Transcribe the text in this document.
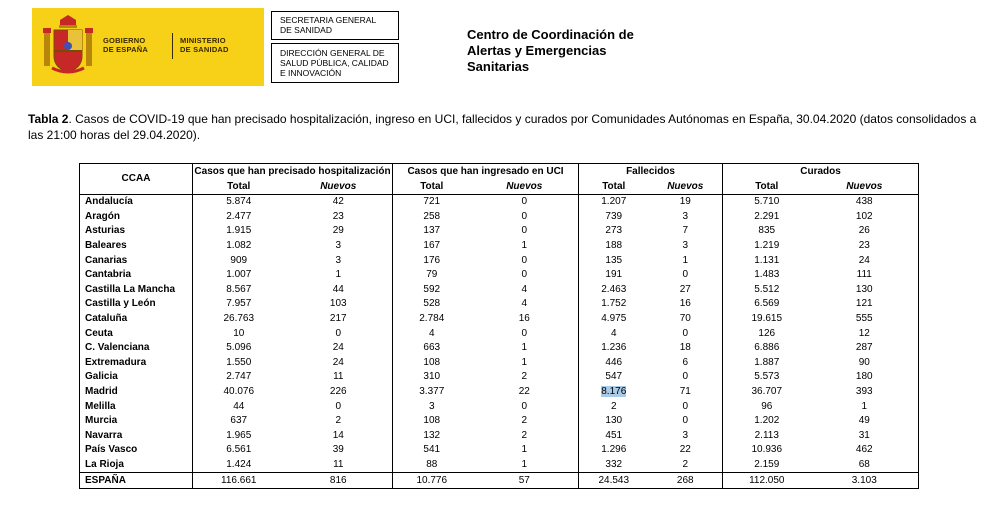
GOBIERNO
DE ESPAÑA
MINISTERIO
DE SANIDAD
SECRETARIA GENERAL
DE SANIDAD
DIRECCIÓN GENERAL DE
SALUD PÚBLICA, CALIDAD
E INNOVACIÓN
Centro de Coordinación de
Alertas y Emergencias
Sanitarias
Tabla 2. Casos de COVID-19 que han precisado hospitalización, ingreso en UCI, fallecidos y curados por Comunidades Autónomas en España, 30.04.2020 (datos consolidados a las 21:00 horas del 29.04.2020).
CCAA	Casos que han precisado hospitalización		Casos que han ingresado en UCI		Fallecidos		Curados	
	Total	Nuevos	Total	Nuevos	Total	Nuevos	Total	Nuevos
Andalucía	5.874	42	721	0	1.207	19	5.710	438
Aragón	2.477	23	258	0	739	3	2.291	102
Asturias	1.915	29	137	0	273	7	835	26
Baleares	1.082	3	167	1	188	3	1.219	23
Canarias	909	3	176	0	135	1	1.131	24
Cantabria	1.007	1	79	0	191	0	1.483	111
Castilla La Mancha	8.567	44	592	4	2.463	27	5.512	130
Castilla y León	7.957	103	528	4	1.752	16	6.569	121
Cataluña	26.763	217	2.784	16	4.975	70	19.615	555
Ceuta	10	0	4	0	4	0	126	12
C. Valenciana	5.096	24	663	1	1.236	18	6.886	287
Extremadura	1.550	24	108	1	446	6	1.887	90
Galicia	2.747	11	310	2	547	0	5.573	180
Madrid	40.076	226	3.377	22	8.176	71	36.707	393
Melilla	44	0	3	0	2	0	96	1
Murcia	637	2	108	2	130	0	1.202	49
Navarra	1.965	14	132	2	451	3	2.113	31
País Vasco	6.561	39	541	1	1.296	22	10.936	462
La Rioja	1.424	11	88	1	332	2	2.159	68
ESPAÑA	116.661	816	10.776	57	24.543	268	112.050	3.103
